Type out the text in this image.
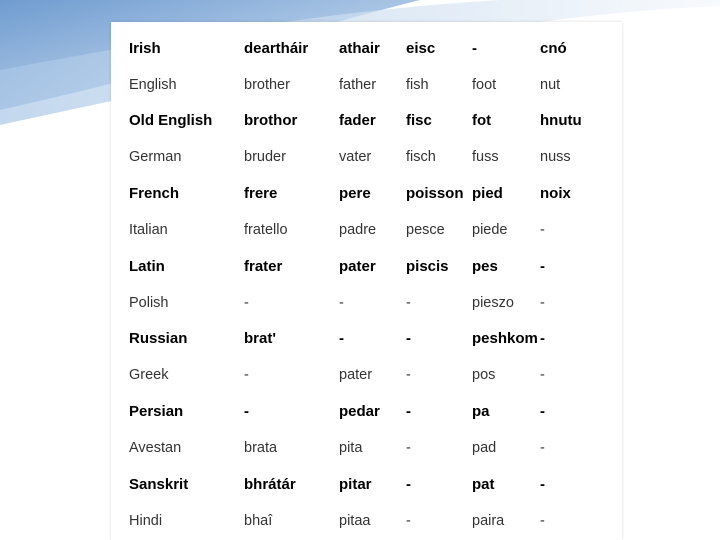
Irish	deartháir	athair	eisc	-	cnó
English	brother	father	fish	foot	nut
Old English	brothor	fader	fisc	fot	hnutu
German	bruder	vater	fisch	fuss	nuss
French	frere	pere	poisson	pied	noix
Italian	fratello	padre	pesce	piede	-
Latin	frater	pater	piscis	pes	-
Polish	-	-	-	pieszo	-
Russian	brat'	-	-	peshkom	-
Greek	-	pater	-	pos	-
Persian	-	pedar	-	pa	-
Avestan	brata	pita	-	pad	-
Sanskrit	bhrátár	pitar	-	pat	-
Hindi	bhaî	pitaa	-	paira	-
